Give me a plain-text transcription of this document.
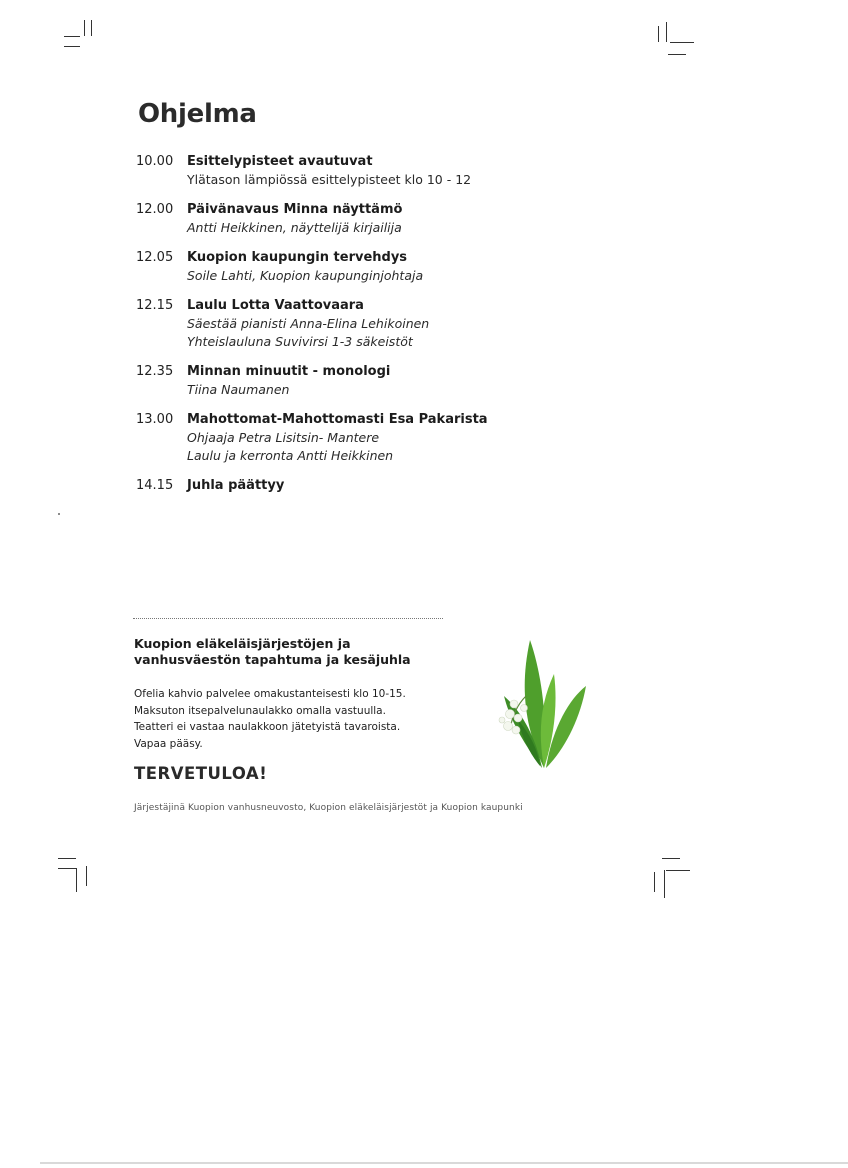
Ohjelma
10.00	Esittelypisteet avautuvat
Ylätason lämpiössä esittelypisteet klo 10 - 12
12.00	Päivänavaus Minna näyttämö
Antti Heikkinen, näyttelijä kirjailija
12.05	Kuopion kaupungin tervehdys
Soile Lahti, Kuopion kaupunginjohtaja
12.15	Laulu Lotta Vaattovaara
Säestää pianisti Anna-Elina Lehikoinen
Yhteislauluna Suvivirsi 1-3 säkeistöt
12.35	Minnan minuutit - monologi
Tiina Naumanen
13.00	Mahottomat-Mahottomasti Esa Pakarista
Ohjaaja Petra Lisitsin- Mantere
Laulu ja kerronta Antti Heikkinen
14.15	Juhla päättyy
Kuopion eläkeläisjärjestöjen ja
vanhusväestön tapahtuma ja kesäjuhla
Ofelia kahvio palvelee omakustanteisesti klo 10-15.
Maksuton itsepalvelunaulakko omalla vastuulla.
Teatteri ei vastaa naulakkoon jätetyistä tavaroista.
Vapaa pääsy.
TERVETULOA!
Järjestäjinä Kuopion vanhusneuvosto, Kuopion eläkeläisjärjestöt ja Kuopion kaupunki
